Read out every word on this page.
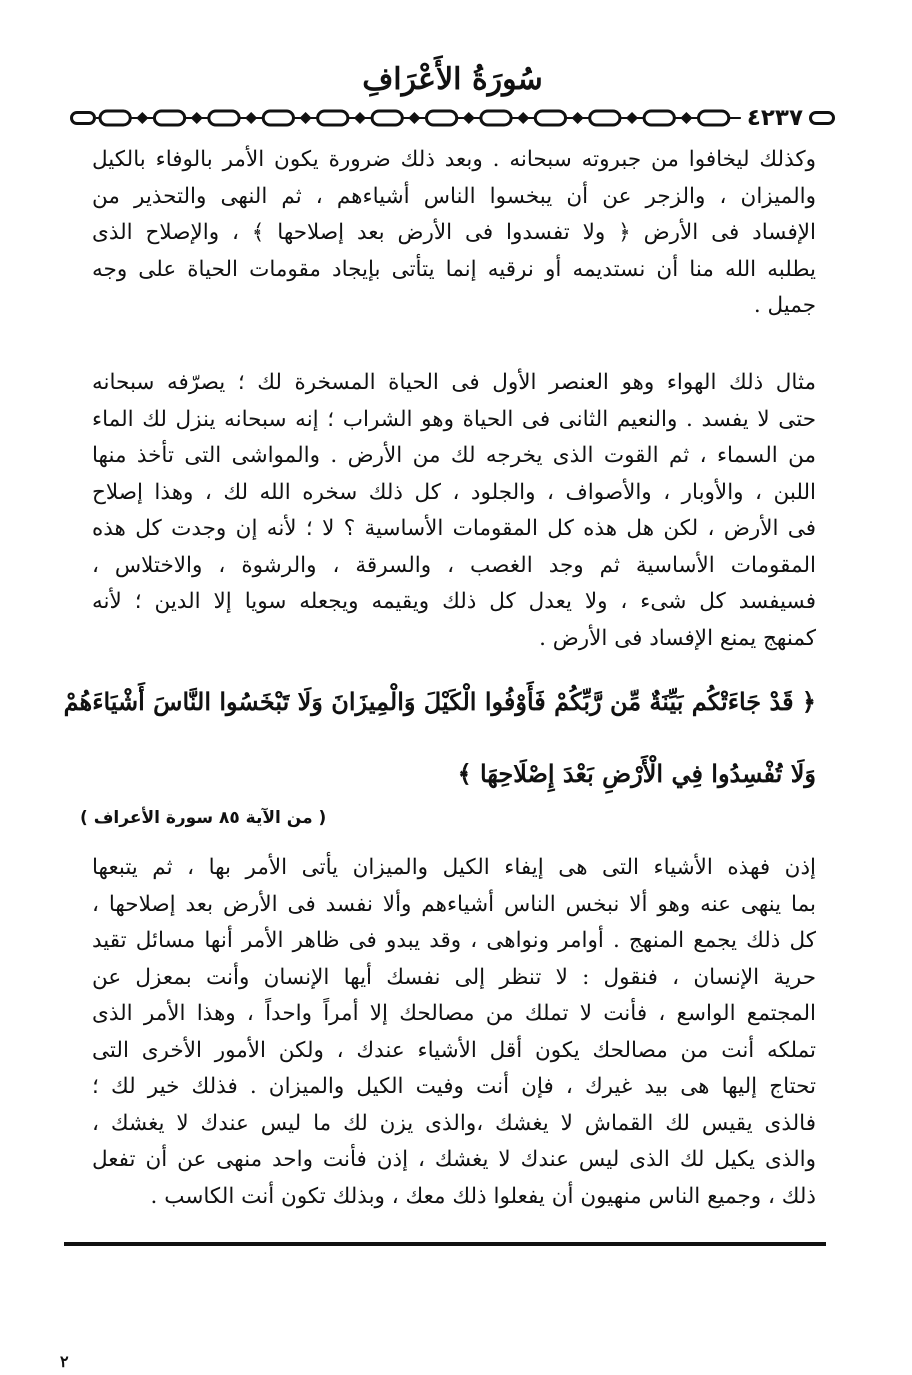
سُورَةُ الأَعْرَافِ
٤٢٣٧
وكذلك ليخافوا من جبروته سبحانه . وبعد ذلك ضرورة يكون الأمر بالوفاء بالكيل
والميزان ، والزجر عن أن يبخسوا الناس أشياءهم ، ثم النهى والتحذير من
الإفساد فى الأرض ﴿ ولا تفسدوا فى الأرض بعد إصلاحها ﴾ ، والإصلاح الذى
يطلبه الله منا أن نستديمه أو نرقيه إنما يتأتى بإيجاد مقومات الحياة على وجه
جميل .
مثال ذلك الهواء وهو العنصر الأول فى الحياة المسخرة لك ؛ يصرّفه سبحانه
حتى لا يفسد . والنعيم الثانى فى الحياة وهو الشراب ؛ إنه سبحانه ينزل لك الماء
من السماء ، ثم القوت الذى يخرجه لك من الأرض . والمواشى التى تأخذ منها
اللبن ، والأوبار ، والأصواف ، والجلود ، كل ذلك سخره الله لك ، وهذا إصلاح
فى الأرض ، لكن هل هذه كل المقومات الأساسية ؟ لا ؛ لأنه إن وجدت كل هذه
المقومات الأساسية ثم وجد الغصب ، والسرقة ، والرشوة ، والاختلاس ،
فسيفسد كل شىء ، ولا يعدل كل ذلك ويقيمه ويجعله سويا إلا الدين ؛ لأنه
كمنهج يمنع الإفساد فى الأرض .
﴿ قَدْ جَاءَتْكُم بَيِّنَةٌ مِّن رَّبِّكُمْ فَأَوْفُوا الْكَيْلَ وَالْمِيزَانَ وَلَا تَبْخَسُوا النَّاسَ أَشْيَاءَهُمْ
وَلَا تُفْسِدُوا فِي الْأَرْضِ بَعْدَ إِصْلَاحِهَا ﴾
( من الآية ٨٥ سورة الأعراف )
إذن فهذه الأشياء التى هى إيفاء الكيل والميزان يأتى الأمر بها ، ثم يتبعها
بما ينهى عنه وهو ألا نبخس الناس أشياءهم وألا نفسد فى الأرض بعد إصلاحها ،
كل ذلك يجمع المنهج . أوامر ونواهى ، وقد يبدو فى ظاهر الأمر أنها مسائل تقيد
حرية الإنسان ، فنقول : لا تنظر إلى نفسك أيها الإنسان وأنت بمعزل عن
المجتمع الواسع ، فأنت لا تملك من مصالحك إلا أمراً واحداً ، وهذا الأمر الذى
تملكه أنت من مصالحك يكون أقل الأشياء عندك ، ولكن الأمور الأخرى التى
تحتاج إليها هى بيد غيرك ، فإن أنت وفيت الكيل والميزان . فذلك خير لك ؛
فالذى يقيس لك القماش لا يغشك ،والذى يزن لك ما ليس عندك لا يغشك ،
والذى يكيل لك الذى ليس عندك لا يغشك ، إذن فأنت واحد منهى عن أن تفعل
ذلك ، وجميع الناس منهيون أن يفعلوا ذلك معك ، وبذلك تكون أنت الكاسب .
٢
